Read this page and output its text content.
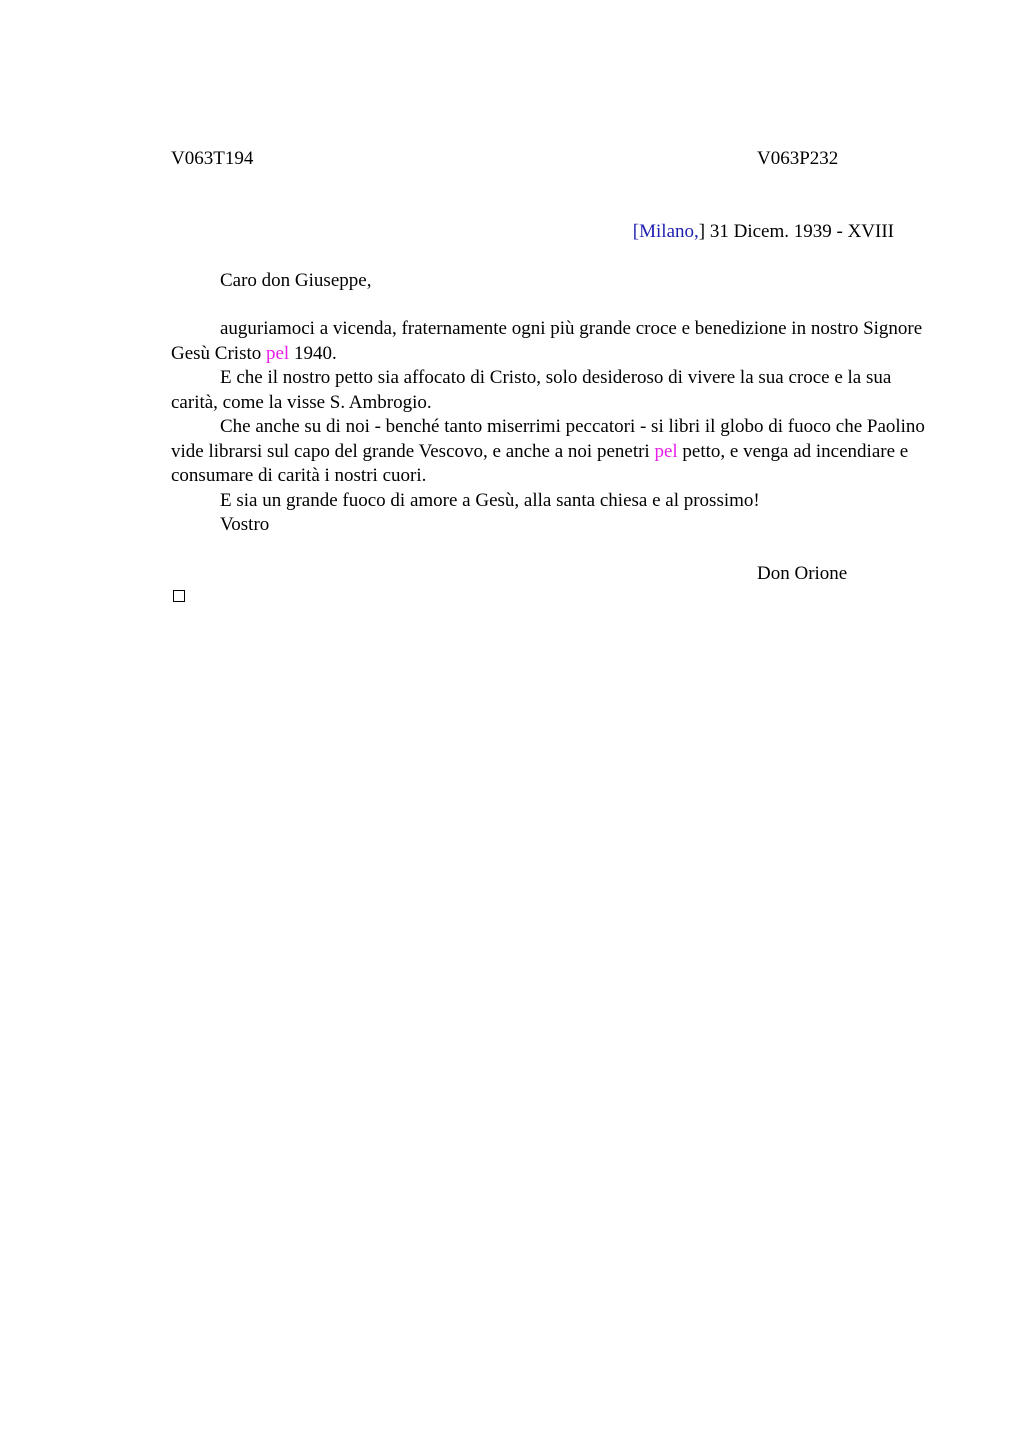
V063T194	V063P232
[Milano,] 31 Dicem. 1939 - XVIII
Caro don Giuseppe,

auguriamoci a vicenda, fraternamente ogni più grande croce e benedizione in nostro Signore Gesù Cristo pel 1940.

E che il nostro petto sia affocato di Cristo, solo desideroso di vivere la sua croce e la sua carità, come la visse S. Ambrogio.

Che anche su di noi - benché tanto miserrimi peccatori - si libri il globo di fuoco che Paolino vide librarsi sul capo del grande Vescovo, e anche a noi penetri pel petto, e venga ad incendiare e consumare di carità i nostri cuori.

E sia un grande fuoco di amore a Gesù, alla santa chiesa e al prossimo!

Vostro

Don Orione
